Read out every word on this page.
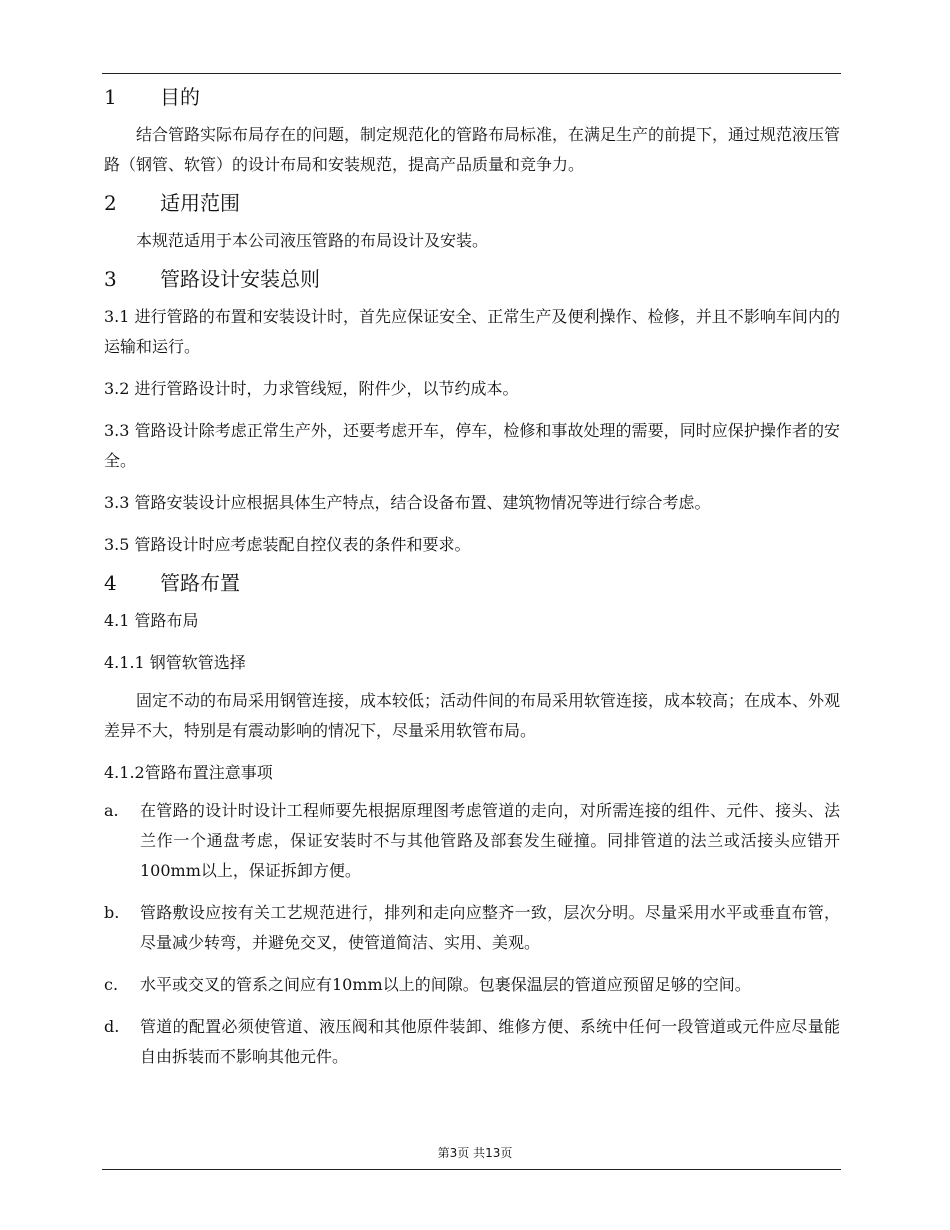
1	目的

结合管路实际布局存在的问题，制定规范化的管路布局标准，在满足生产的前提下，通过规范液压管路（钢管、软管）的设计布局和安装规范，提高产品质量和竞争力。

2	适用范围

本规范适用于本公司液压管路的布局设计及安装。

3	管路设计安装总则

3.1 进行管路的布置和安装设计时，首先应保证安全、正常生产及便利操作、检修，并且不影响车间内的运输和运行。

3.2 进行管路设计时，力求管线短，附件少，以节约成本。

3.3 管路设计除考虑正常生产外，还要考虑开车，停车，检修和事故处理的需要，同时应保护操作者的安全。

3.3 管路安装设计应根据具体生产特点，结合设备布置、建筑物情况等进行综合考虑。

3.5 管路设计时应考虑装配自控仪表的条件和要求。

4	管路布置

4.1 管路布局

4.1.1 钢管软管选择

固定不动的布局采用钢管连接，成本较低；活动件间的布局采用软管连接，成本较高；在成本、外观差异不大，特别是有震动影响的情况下，尽量采用软管布局。

4.1.2管路布置注意事项

a.	在管路的设计时设计工程师要先根据原理图考虑管道的走向，对所需连接的组件、元件、接头、法兰作一个通盘考虑，保证安装时不与其他管路及部套发生碰撞。同排管道的法兰或活接头应错开100mm以上，保证拆卸方便。
b.	管路敷设应按有关工艺规范进行，排列和走向应整齐一致，层次分明。尽量采用水平或垂直布管，尽量减少转弯，并避免交叉，使管道简洁、实用、美观。
c.	水平或交叉的管系之间应有10mm以上的间隙。包裹保温层的管道应预留足够的空间。
d.	管道的配置必须使管道、液压阀和其他原件装卸、维修方便、系统中任何一段管道或元件应尽量能自由拆装而不影响其他元件。
第3页 共13页
